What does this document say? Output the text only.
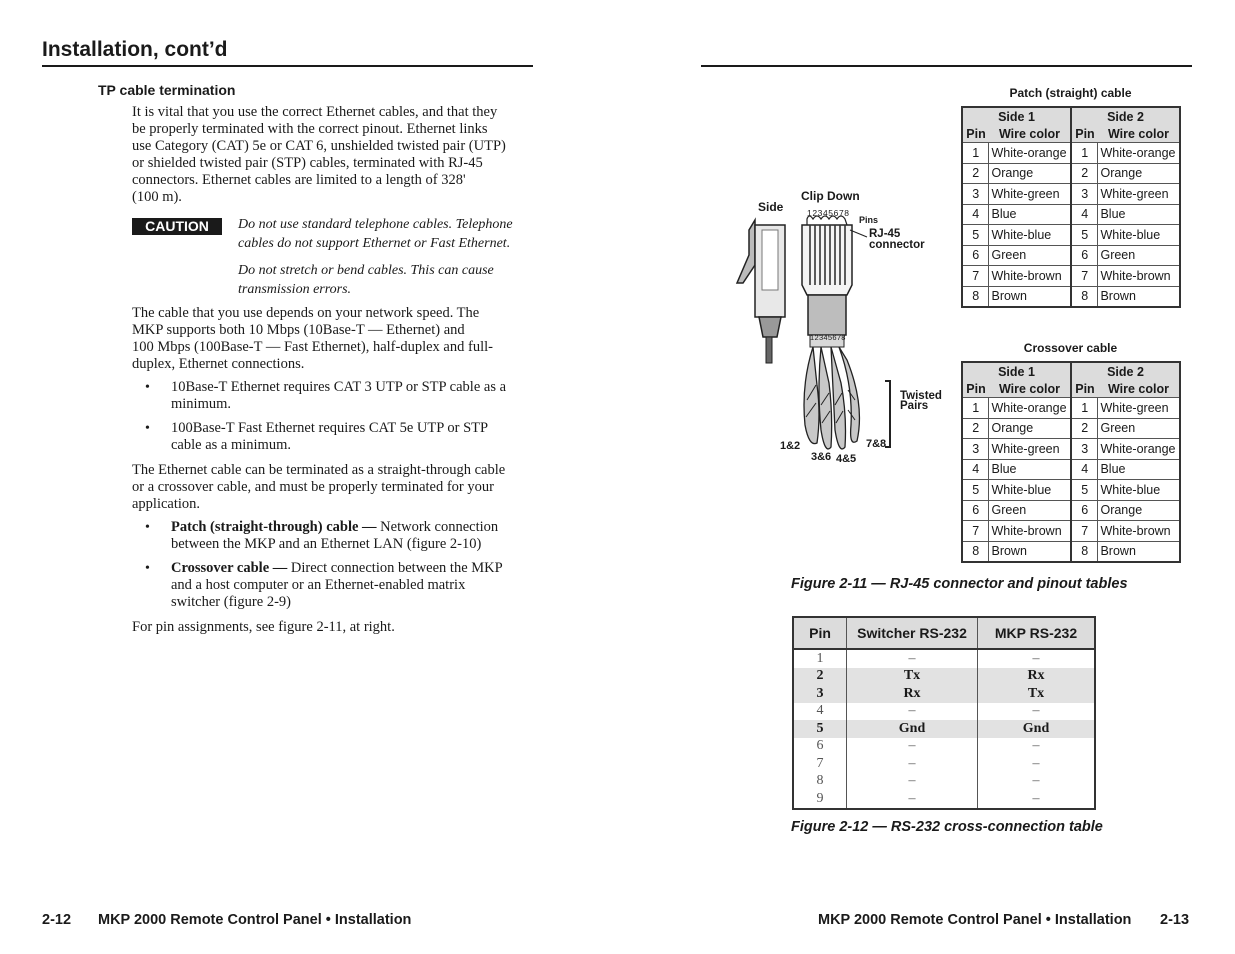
Installation, cont’d
TP cable termination
It is vital that you use the correct Ethernet cables, and that they
be properly terminated with the correct pinout. Ethernet links
use Category (CAT) 5e or CAT 6, unshielded twisted pair (UTP)
or shielded twisted pair (STP) cables, terminated with RJ-45
connectors. Ethernet cables are limited to a length of 328'
(100 m).
CAUTION	Do not use standard telephone cables. Telephone
cables do not support Ethernet or Fast Ethernet.
Do not stretch or bend cables. This can cause
transmission errors.
The cable that you use depends on your network speed. The
MKP supports both 10 Mbps (10Base-T — Ethernet) and
100 Mbps (100Base-T — Fast Ethernet), half-duplex and full-
duplex, Ethernet connections.
• 10Base-T Ethernet requires CAT 3 UTP or STP cable as a
minimum.
• 100Base-T Fast Ethernet requires CAT 5e UTP or STP
cable as a minimum.
The Ethernet cable can be terminated as a straight-through cable
or a crossover cable, and must be properly terminated for your
application.
• Patch (straight-through) cable — Network connection
between the MKP and an Ethernet LAN (figure 2-10)
• Crossover cable — Direct connection between the MKP
and a host computer or an Ethernet-enabled matrix
switcher (figure 2-9)
For pin assignments, see figure 2-11, at right.
2-12 MKP 2000 Remote Control Panel • Installation
Side
Clip Down
12345678
Pins
RJ-45
connector
12345678
Twisted
Pairs
1&2
3&6 4&5
7&8
Patch (straight) cable
Side 1		Side 2	
Pin	Wire color	Pin	Wire color
1	White-orange	1	White-orange
2	Orange	2	Orange
3	White-green	3	White-green
4	Blue	4	Blue
5	White-blue	5	White-blue
6	Green	6	Green
7	White-brown	7	White-brown
8	Brown	8	Brown
Crossover cable
Side 1		Side 2	
Pin	Wire color	Pin	Wire color
1	White-orange	1	White-green
2	Orange	2	Green
3	White-green	3	White-orange
4	Blue	4	Blue
5	White-blue	5	White-blue
6	Green	6	Orange
7	White-brown	7	White-brown
8	Brown	8	Brown
Figure 2-11 — RJ-45 connector and pinout tables
Pin	Switcher RS-232	MKP RS-232
1	–	–
2	Tx	Rx
3	Rx	Tx
4	–	–
5	Gnd	Gnd
6	–	–
7	–	–
8	–	–
9	–	–
Figure 2-12 — RS-232 cross-connection table
MKP 2000 Remote Control Panel • Installation 2-13
